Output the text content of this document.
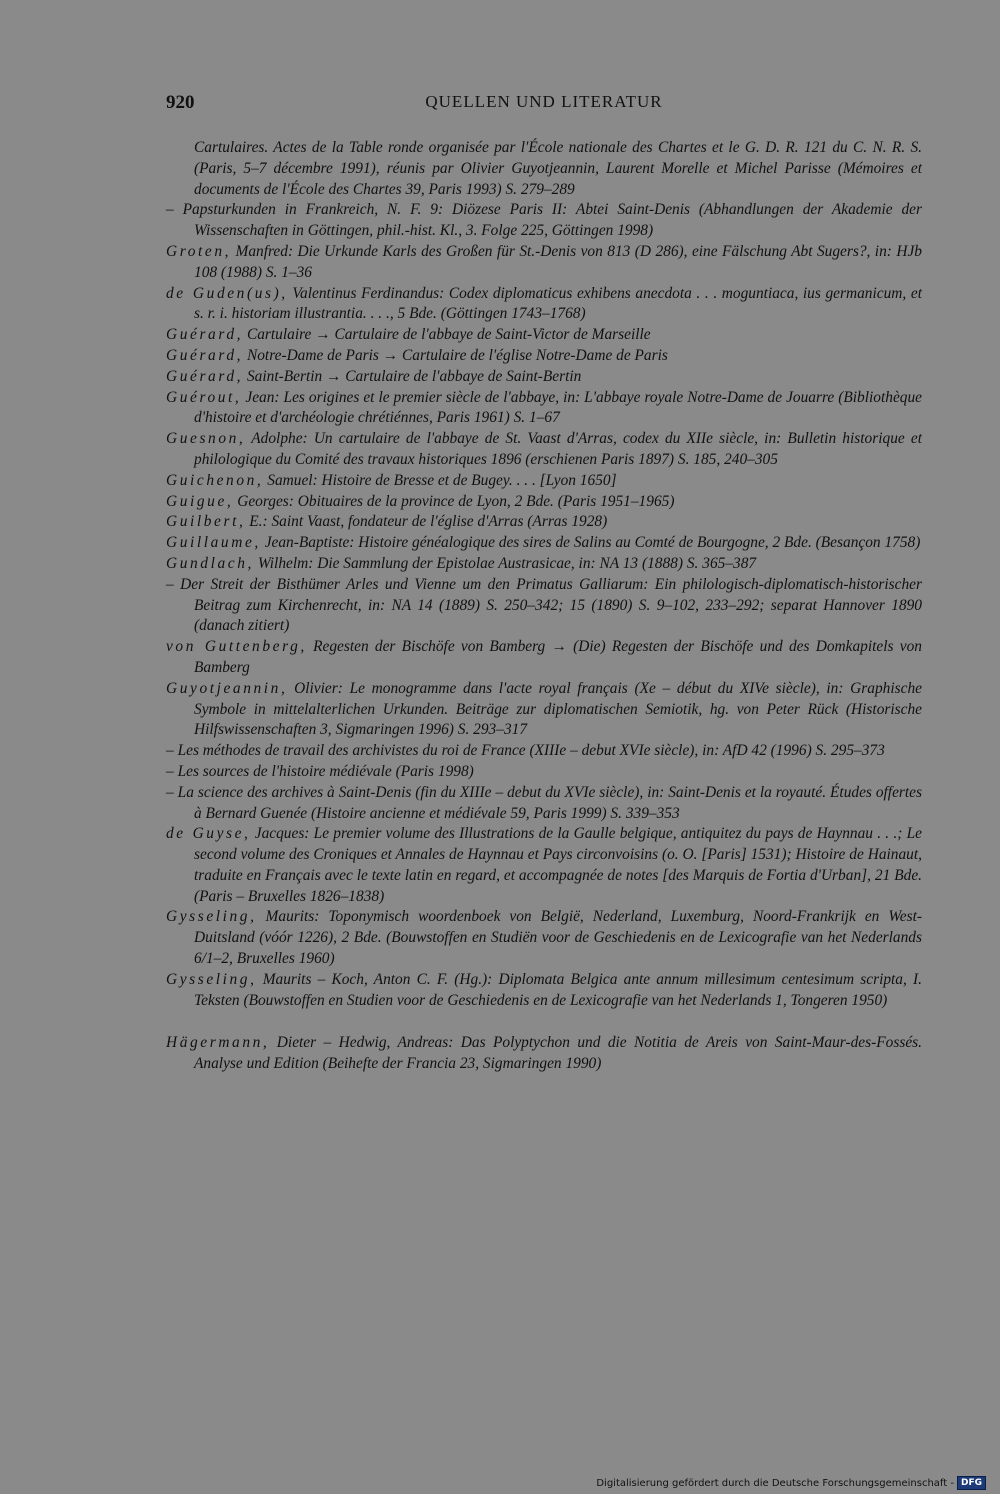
920	QUELLEN UND LITERATUR
Cartulaires. Actes de la Table ronde organisée par l'École nationale des Chartes et le G. D. R. 121 du C. N. R. S. (Paris, 5–7 décembre 1991), réunis par Olivier Guyotjeannin, Laurent Morelle et Michel Parisse (Mémoires et documents de l'École des Chartes 39, Paris 1993) S. 279–289
– Papsturkunden in Frankreich, N. F. 9: Diözese Paris II: Abtei Saint-Denis (Abhandlungen der Akademie der Wissenschaften in Göttingen, phil.-hist. Kl., 3. Folge 225, Göttingen 1998)
Groten, Manfred: Die Urkunde Karls des Großen für St.-Denis von 813 (D 286), eine Fälschung Abt Sugers?, in: HJb 108 (1988) S. 1–36
de Guden(us), Valentinus Ferdinandus: Codex diplomaticus exhibens anecdota . . . moguntiaca, ius germanicum, et s. r. i. historiam illustrantia. . . ., 5 Bde. (Göttingen 1743–1768)
Guérard, Cartulaire → Cartulaire de l'abbaye de Saint-Victor de Marseille
Guérard, Notre-Dame de Paris → Cartulaire de l'église Notre-Dame de Paris
Guérard, Saint-Bertin → Cartulaire de l'abbaye de Saint-Bertin
Guérout, Jean: Les origines et le premier siècle de l'abbaye, in: L'abbaye royale Notre-Dame de Jouarre (Bibliothèque d'histoire et d'archéologie chrétiénnes, Paris 1961) S. 1–67
Guesnon, Adolphe: Un cartulaire de l'abbaye de St. Vaast d'Arras, codex du XIIe siècle, in: Bulletin historique et philologique du Comité des travaux historiques 1896 (erschienen Paris 1897) S. 185, 240–305
Guichenon, Samuel: Histoire de Bresse et de Bugey. . . . [Lyon 1650]
Guigue, Georges: Obituaires de la province de Lyon, 2 Bde. (Paris 1951–1965)
Guilbert, E.: Saint Vaast, fondateur de l'église d'Arras (Arras 1928)
Guillaume, Jean-Baptiste: Histoire généalogique des sires de Salins au Comté de Bourgogne, 2 Bde. (Besançon 1758)
Gundlach, Wilhelm: Die Sammlung der Epistolae Austrasicae, in: NA 13 (1888) S. 365–387
– Der Streit der Bisthümer Arles und Vienne um den Primatus Galliarum: Ein philologisch-diplomatisch-historischer Beitrag zum Kirchenrecht, in: NA 14 (1889) S. 250–342; 15 (1890) S. 9–102, 233–292; separat Hannover 1890 (danach zitiert)
von Guttenberg, Regesten der Bischöfe von Bamberg → (Die) Regesten der Bischöfe und des Domkapitels von Bamberg
Guyotjeannin, Olivier: Le monogramme dans l'acte royal français (Xe – début du XIVe siècle), in: Graphische Symbole in mittelalterlichen Urkunden. Beiträge zur diplomatischen Semiotik, hg. von Peter Rück (Historische Hilfswissenschaften 3, Sigmaringen 1996) S. 293–317
– Les méthodes de travail des archivistes du roi de France (XIIIe – debut XVIe siècle), in: AfD 42 (1996) S. 295–373
– Les sources de l'histoire médiévale (Paris 1998)
– La science des archives à Saint-Denis (fin du XIIIe – debut du XVIe siècle), in: Saint-Denis et la royauté. Études offertes à Bernard Guenée (Histoire ancienne et médiévale 59, Paris 1999) S. 339–353
de Guyse, Jacques: Le premier volume des Illustrations de la Gaulle belgique, antiquitez du pays de Haynnau . . .; Le second volume des Croniques et Annales de Haynnau et Pays circonvoisins (o. O. [Paris] 1531); Histoire de Hainaut, traduite en Français avec le texte latin en regard, et accompagnée de notes [des Marquis de Fortia d'Urban], 21 Bde. (Paris – Bruxelles 1826–1838)
Gysseling, Maurits: Toponymisch woordenboek von België, Nederland, Luxemburg, Noord-Frankrijk en West-Duitsland (vóór 1226), 2 Bde. (Bouwstoffen en Studiën voor de Geschiedenis en de Lexicografie van het Nederlands 6/1–2, Bruxelles 1960)
Gysseling, Maurits – Koch, Anton C. F. (Hg.): Diplomata Belgica ante annum millesimum centesimum scripta, I. Teksten (Bouwstoffen en Studien voor de Geschiedenis en de Lexicografie van het Nederlands 1, Tongeren 1950)
Hägermann, Dieter – Hedwig, Andreas: Das Polyptychon und die Notitia de Areis von Saint-Maur-des-Fossés. Analyse und Edition (Beihefte der Francia 23, Sigmaringen 1990)
Digitalisierung gefördert durch die Deutsche Forschungsgemeinschaft - DFG
